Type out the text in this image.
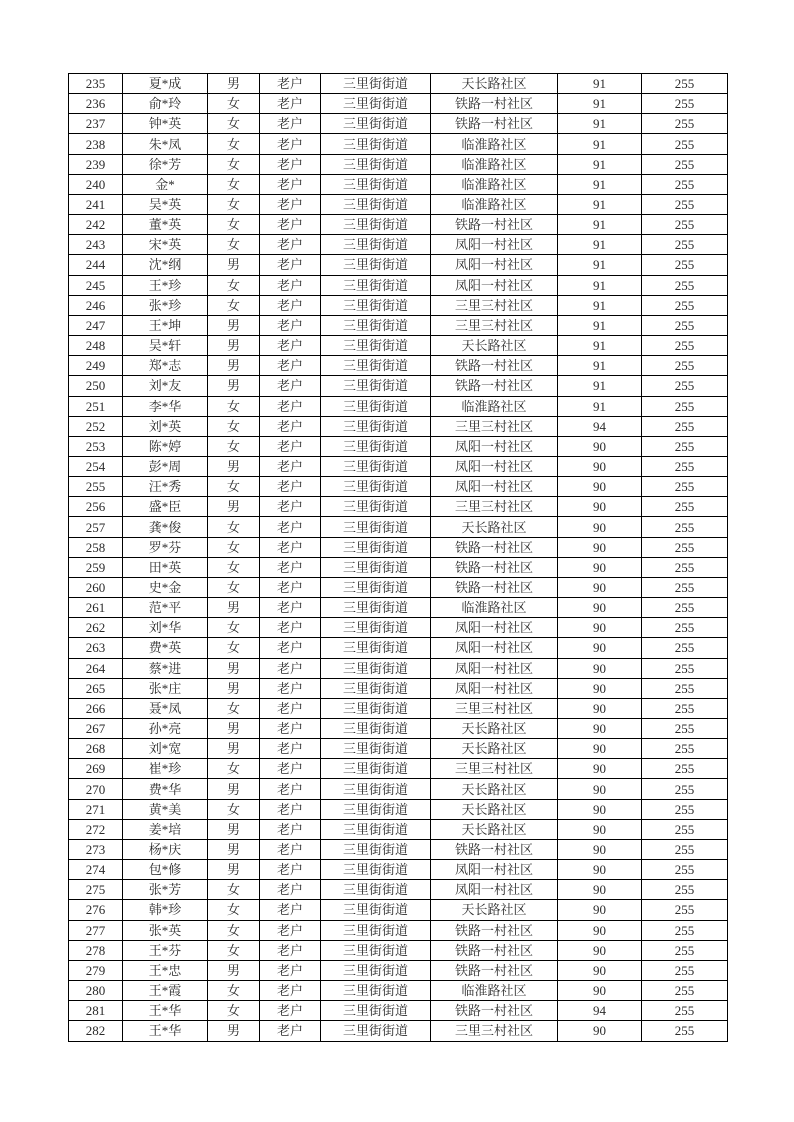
235	夏*成	男	老户	三里街街道	天长路社区	91	255
236	俞*玲	女	老户	三里街街道	铁路一村社区	91	255
237	钟*英	女	老户	三里街街道	铁路一村社区	91	255
238	朱*凤	女	老户	三里街街道	临淮路社区	91	255
239	徐*芳	女	老户	三里街街道	临淮路社区	91	255
240	金*	女	老户	三里街街道	临淮路社区	91	255
241	吴*英	女	老户	三里街街道	临淮路社区	91	255
242	董*英	女	老户	三里街街道	铁路一村社区	91	255
243	宋*英	女	老户	三里街街道	凤阳一村社区	91	255
244	沈*纲	男	老户	三里街街道	凤阳一村社区	91	255
245	王*珍	女	老户	三里街街道	凤阳一村社区	91	255
246	张*珍	女	老户	三里街街道	三里三村社区	91	255
247	王*坤	男	老户	三里街街道	三里三村社区	91	255
248	吴*轩	男	老户	三里街街道	天长路社区	91	255
249	郑*志	男	老户	三里街街道	铁路一村社区	91	255
250	刘*友	男	老户	三里街街道	铁路一村社区	91	255
251	李*华	女	老户	三里街街道	临淮路社区	91	255
252	刘*英	女	老户	三里街街道	三里三村社区	94	255
253	陈*婷	女	老户	三里街街道	凤阳一村社区	90	255
254	彭*周	男	老户	三里街街道	凤阳一村社区	90	255
255	汪*秀	女	老户	三里街街道	凤阳一村社区	90	255
256	盛*臣	男	老户	三里街街道	三里三村社区	90	255
257	龚*俊	女	老户	三里街街道	天长路社区	90	255
258	罗*芬	女	老户	三里街街道	铁路一村社区	90	255
259	田*英	女	老户	三里街街道	铁路一村社区	90	255
260	史*金	女	老户	三里街街道	铁路一村社区	90	255
261	范*平	男	老户	三里街街道	临淮路社区	90	255
262	刘*华	女	老户	三里街街道	凤阳一村社区	90	255
263	费*英	女	老户	三里街街道	凤阳一村社区	90	255
264	蔡*进	男	老户	三里街街道	凤阳一村社区	90	255
265	张*庄	男	老户	三里街街道	凤阳一村社区	90	255
266	聂*凤	女	老户	三里街街道	三里三村社区	90	255
267	孙*亮	男	老户	三里街街道	天长路社区	90	255
268	刘*宽	男	老户	三里街街道	天长路社区	90	255
269	崔*珍	女	老户	三里街街道	三里三村社区	90	255
270	费*华	男	老户	三里街街道	天长路社区	90	255
271	黄*美	女	老户	三里街街道	天长路社区	90	255
272	姜*培	男	老户	三里街街道	天长路社区	90	255
273	杨*庆	男	老户	三里街街道	铁路一村社区	90	255
274	包*修	男	老户	三里街街道	凤阳一村社区	90	255
275	张*芳	女	老户	三里街街道	凤阳一村社区	90	255
276	韩*珍	女	老户	三里街街道	天长路社区	90	255
277	张*英	女	老户	三里街街道	铁路一村社区	90	255
278	王*芬	女	老户	三里街街道	铁路一村社区	90	255
279	王*忠	男	老户	三里街街道	铁路一村社区	90	255
280	王*霞	女	老户	三里街街道	临淮路社区	90	255
281	王*华	女	老户	三里街街道	铁路一村社区	94	255
282	王*华	男	老户	三里街街道	三里三村社区	90	255
